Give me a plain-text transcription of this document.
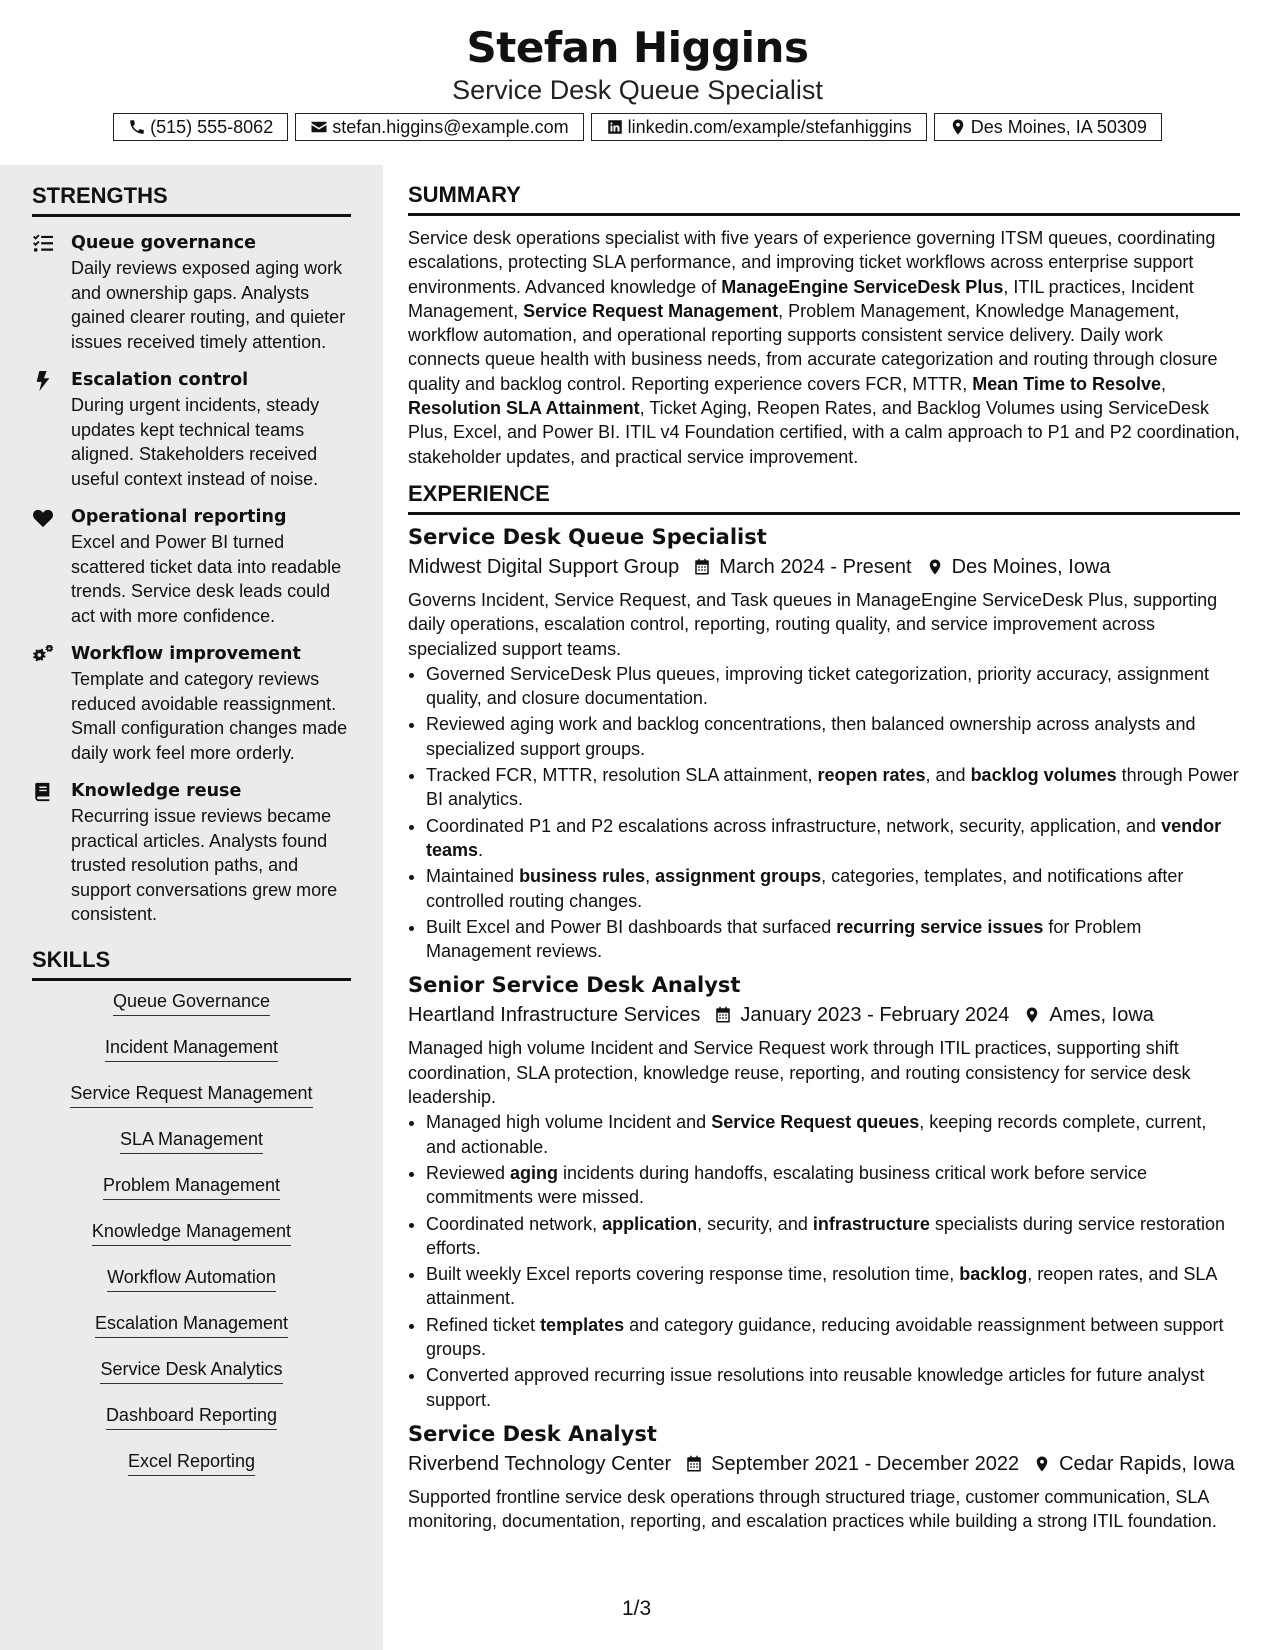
Stefan Higgins
Service Desk Queue Specialist
(515) 555-8062	stefan.higgins@example.com	linkedin.com/example/stefanhiggins	Des Moines, IA 50309
STRENGTHS
Queue governance
Daily reviews exposed aging work and ownership gaps. Analysts gained clearer routing, and quieter issues received timely attention.
Escalation control
During urgent incidents, steady updates kept technical teams aligned. Stakeholders received useful context instead of noise.
Operational reporting
Excel and Power BI turned scattered ticket data into readable trends. Service desk leads could act with more confidence.
Workflow improvement
Template and category reviews reduced avoidable reassignment. Small configuration changes made daily work feel more orderly.
Knowledge reuse
Recurring issue reviews became practical articles. Analysts found trusted resolution paths, and support conversations grew more consistent.
SKILLS
Queue Governance
Incident Management
Service Request Management
SLA Management
Problem Management
Knowledge Management
Workflow Automation
Escalation Management
Service Desk Analytics
Dashboard Reporting
Excel Reporting
SUMMARY
Service desk operations specialist with five years of experience governing ITSM queues, coordinating escalations, protecting SLA performance, and improving ticket workflows across enterprise support environments. Advanced knowledge of ManageEngine ServiceDesk Plus, ITIL practices, Incident Management, Service Request Management, Problem Management, Knowledge Management, workflow automation, and operational reporting supports consistent service delivery. Daily work connects queue health with business needs, from accurate categorization and routing through closure quality and backlog control. Reporting experience covers FCR, MTTR, Mean Time to Resolve, Resolution SLA Attainment, Ticket Aging, Reopen Rates, and Backlog Volumes using ServiceDesk Plus, Excel, and Power BI. ITIL v4 Foundation certified, with a calm approach to P1 and P2 coordination, stakeholder updates, and practical service improvement.
EXPERIENCE
Service Desk Queue Specialist
Midwest Digital Support Group March 2024 - Present Des Moines, Iowa
Governs Incident, Service Request, and Task queues in ManageEngine ServiceDesk Plus, supporting daily operations, escalation control, reporting, routing quality, and service improvement across specialized support teams.
• Governed ServiceDesk Plus queues, improving ticket categorization, priority accuracy, assignment quality, and closure documentation.
• Reviewed aging work and backlog concentrations, then balanced ownership across analysts and specialized support groups.
• Tracked FCR, MTTR, resolution SLA attainment, reopen rates, and backlog volumes through Power BI analytics.
• Coordinated P1 and P2 escalations across infrastructure, network, security, application, and vendor teams.
• Maintained business rules, assignment groups, categories, templates, and notifications after controlled routing changes.
• Built Excel and Power BI dashboards that surfaced recurring service issues for Problem Management reviews.
Senior Service Desk Analyst
Heartland Infrastructure Services January 2023 - February 2024 Ames, Iowa
Managed high volume Incident and Service Request work through ITIL practices, supporting shift coordination, SLA protection, knowledge reuse, reporting, and routing consistency for service desk leadership.
• Managed high volume Incident and Service Request queues, keeping records complete, current, and actionable.
• Reviewed aging incidents during handoffs, escalating business critical work before service commitments were missed.
• Coordinated network, application, security, and infrastructure specialists during service restoration efforts.
• Built weekly Excel reports covering response time, resolution time, backlog, reopen rates, and SLA attainment.
• Refined ticket templates and category guidance, reducing avoidable reassignment between support groups.
• Converted approved recurring issue resolutions into reusable knowledge articles for future analyst support.
Service Desk Analyst
Riverbend Technology Center September 2021 - December 2022 Cedar Rapids, Iowa
Supported frontline service desk operations through structured triage, customer communication, SLA monitoring, documentation, reporting, and escalation practices while building a strong ITIL foundation.
1/3
